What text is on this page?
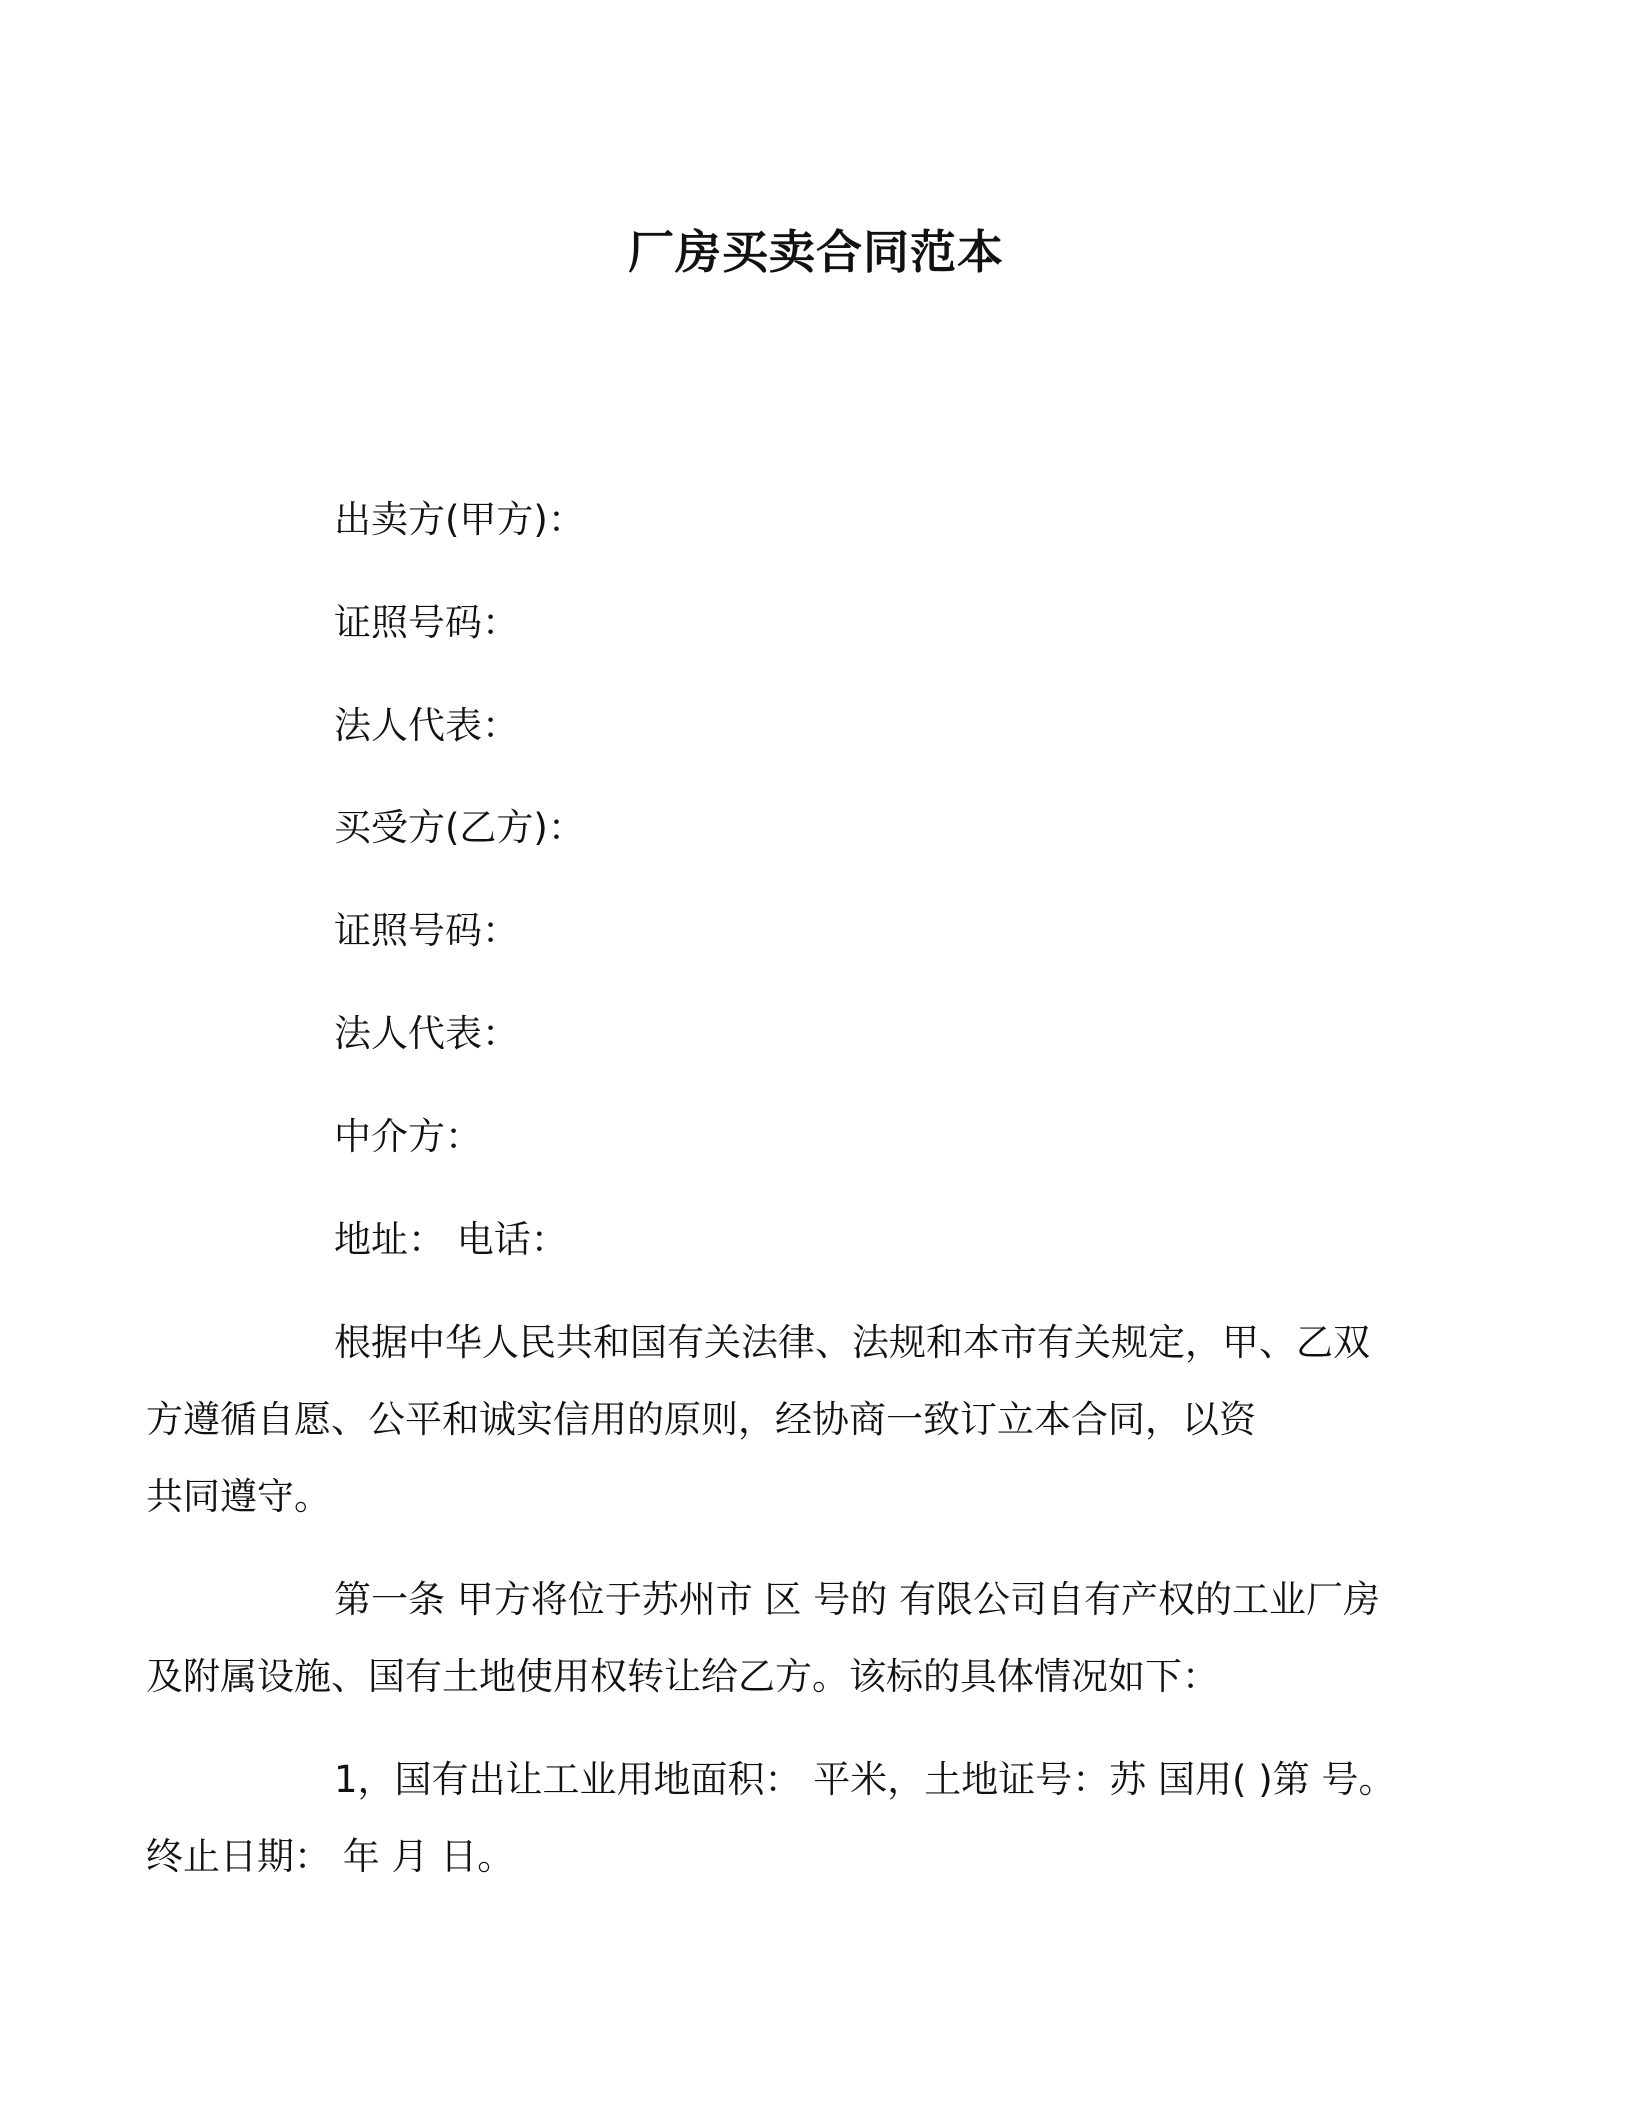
厂房买卖合同范本
出卖方(甲方)：
证照号码：
法人代表：
买受方(乙方)：
证照号码：
法人代表：
中介方：
地址： 电话：
根据中华人民共和国有关法律、法规和本市有关规定，甲、乙双
方遵循自愿、公平和诚实信用的原则，经协商一致订立本合同，以资
共同遵守。
第一条 甲方将位于苏州市 区 号的 有限公司自有产权的工业厂房
及附属设施、国有土地使用权转让给乙方。该标的具体情况如下：
1，国有出让工业用地面积： 平米，土地证号：苏 国用( )第 号。
终止日期： 年 月 日。
